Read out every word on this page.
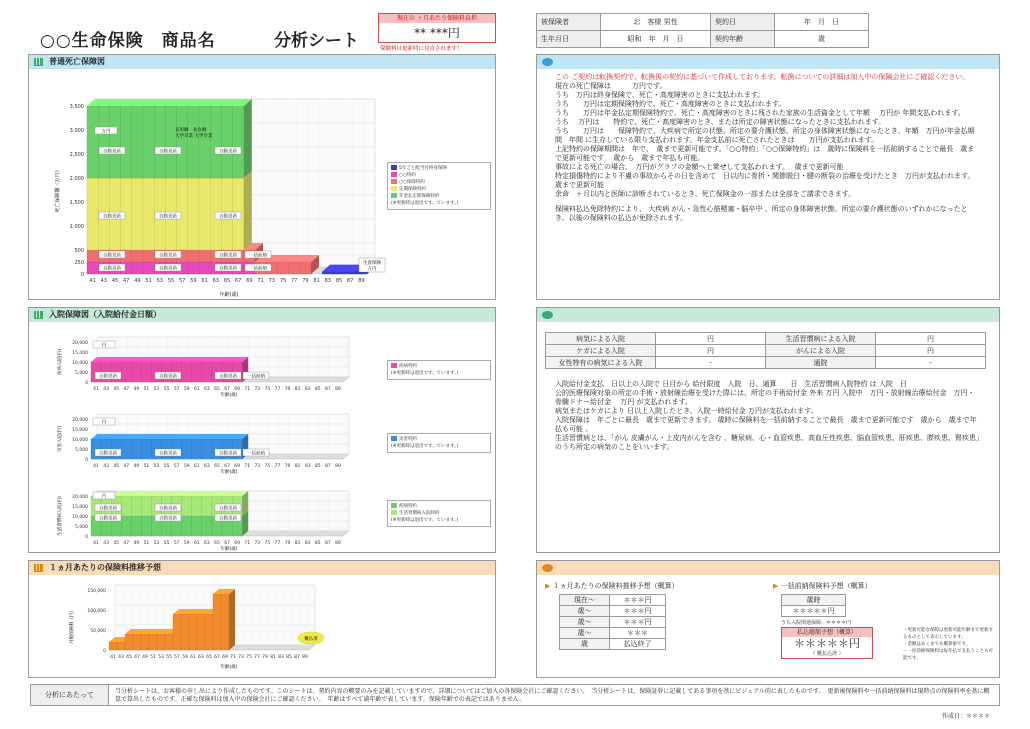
○○生命保険　商品名	分析シート
現在の ヶ月あたり保険料負担
** ***円
保険料は更新時に見直されます！
被保険者	お　客様 男性	契約日	年　月　日
生年月日	昭和　年　月　日	契約年齢	歳
普通死亡保障図
0
250
500
1,000
1,500
2,000
2,500
3,000
3,500
41 43 45 47 49 51 53 55 57 59 61 63 65 67 69 71 73 75 77 79 81 83 85 87 89
年齢(歳)
死亡保障額（万円）
自動更新	自動更新	自動更新
自動更新	自動更新	自動更新
自動更新	自動更新	自動更新
自動更新	自動更新	自動更新
万円	長男継　長女継
大学卒業 大学卒業
一括前納
一括前納
生涯保険
万円
5年ごと配当付終身保険
○○特約
○○保障特約
定期保険特約
年金払定期保険特約
(※更新時は退出です、ています。)
この ご契約は転換契約で、転換後の契約に基づいて作成しております。転換についての詳細は加入中の保険会社にご確認ください。
現在の死亡保障は　　　万円です。
うち　万円は終身保険で、死亡・高度障害のときに支払われます。
うち　　万円は定期保険特約で、死亡・高度障害のときに支払われます。
うち　　万円は年金払定期保険特約で、死亡・高度障害のときに残された家族の生活資金として年額　 万円が 年間支払われます。
うち　 万円は　　特約で、死亡・高度障害のとき、または所定の障害状態になったときに支払われます。
うち　　万円は　　保障特約で、大疾病で所定の状態、所定の要介護状態、所定の身体障害状態になったとき、年額　万円が年金払期間　年間 に生存している限り支払われます。年金支払前に死亡されたときは　　万円が支払われます。
上記特約の保障期間は　年で、　歳まで更新可能です。「○○特約」「○○保障特約」は　歳時に保険料を一括前納することで最長　歳まで更新可能です　 歳から　歳まで年払も可能。
事故による死亡の場合、　万円がグラフの金額へ上乗せして支払われます。　 歳まで更新可能
特定損傷特約により不慮の事故からその日を含めて　日以内に骨折・関節脱臼・腱の断裂の治療を受けたとき　万円が支払われます。　　歳まで更新可能
余命　ヶ月以内と医師に診断されているとき、死亡保険金の一部または全部をご請求できます。
保険料払込免除特約により、 大疾病 がん・急性心筋梗塞・脳卒中 、所定の身体障害状態、所定の要介護状態のいずれかになったとき、以後の保険料の払込が免除されます。
入院保障図（入院給付金日額）
0
5,000
10,000
15,000
20,000
41 43 45 47 49 51 53 55 57 59 61 63 65 67 69 71 73 75 77 79 81 83 85 87 89
年齢(歳)
疾病入院(円)
円
自動更新	自動更新	自動更新 一括前納
0
5,000
10,000
15,000
20,000
41 43 45 47 49 51 53 55 57 59 61 63 65 67 69 71 73 75 77 79 81 83 85 87 89
年齢(歳)
災害入院(円)
円
自動更新	自動更新	自動更新 一括前納
0
5,000
10,000
15,000
20,000
41 43 45 47 49 51 53 55 57 59 61 63 65 67 69 71 73 75 77 79 81 83 85 87 89
年齢(歳)
生活習慣病入院(円)	円
自動更新	自動更新	自動更新
自動更新	自動更新	自動更新
疾病特約
(※更新時は退出です、ています。)
災害特約
(※更新時は退出です、ています。)
疾病特約
生活習慣病入院特約
(※更新時は退出です、ています。)
病気による入院	円	生活習慣病による入院	円
ケガによる入院	円	がんによる入院	円
女性特有の病気による入院	-	通院	-
入院給付金支払　日以上の入院で 日目から 給付限度　入院　日、通算　　日　生活習慣病入院特約 は 入院　日
公的医療保険対象の所定の手術・放射線治療を受けた際には、所定の手術給付金 外来 万円 入院中　万円・放射線治療給付金　万円・骨髄ドナー給付金　 万円 が支払われます。
病気またはケガにより 日以上入院したとき、入院一時給付金 万円が支払われます。
入院保障は　年ごとに最長　歳まで更新できます。 歳時に保険料を一括前納することで最長　歳まで更新可能です　歳から　歳まで年払も可能 。
生活習慣病とは、「がん 皮膚がん・上皮内がんを含む 、糖尿病、心・血管疾患、高血圧性疾患、脳血管疾患、肝疾患、膵疾患、腎疾患」のうち所定の病気のことをいいます。
１ヵ月あたりの保険料推移予想
0
50,000
100,000
150,000
41 43 45 47 49 51 53 55 57 59 61 63 65 67 69 71 73 75 77 79 81 83 85 87 89
年齢(歳)
月額保険料（円）	概払済
▶ １ヵ月あたりの保険料推移予想（概算）
現在～	＊＊＊円
歳～	＊＊＊円
歳～	＊＊＊円
歳～	＊＊＊
歳	払込終了
▶ 一括前納保険料予想（概算）
歳時
＊＊＊＊＊円
うち入院関連保障：＊＊＊＊円
払込総額予想（概算）
＊＊＊＊＊円
（ 概払込済 ）
・更新可能な保障は更新可能年齢まで更新するものとして表示しています。
・金額はあくまでも概算値です。
・一括前納保険料は毎年払で支払うことも可能です。
分析にあたって	当分析シートは、お客様の申し出により作成したものです。このシートは、契約内容の概要のみを記載していますので、詳細についてはご加入の各保険会社にご確認ください。　当分析シートは、保険証券に記載してある事項を基にビジュアル的に表したものです。　更新後保険料や一括前納保険料は現時点の保険料率を基に概算で算出したものです。正確な保険料は加入中の保険会社にご確認ください。　年齢はすべて満年齢で表しています。保険年齢での表記ではありません。
作成日：＊＊＊＊
